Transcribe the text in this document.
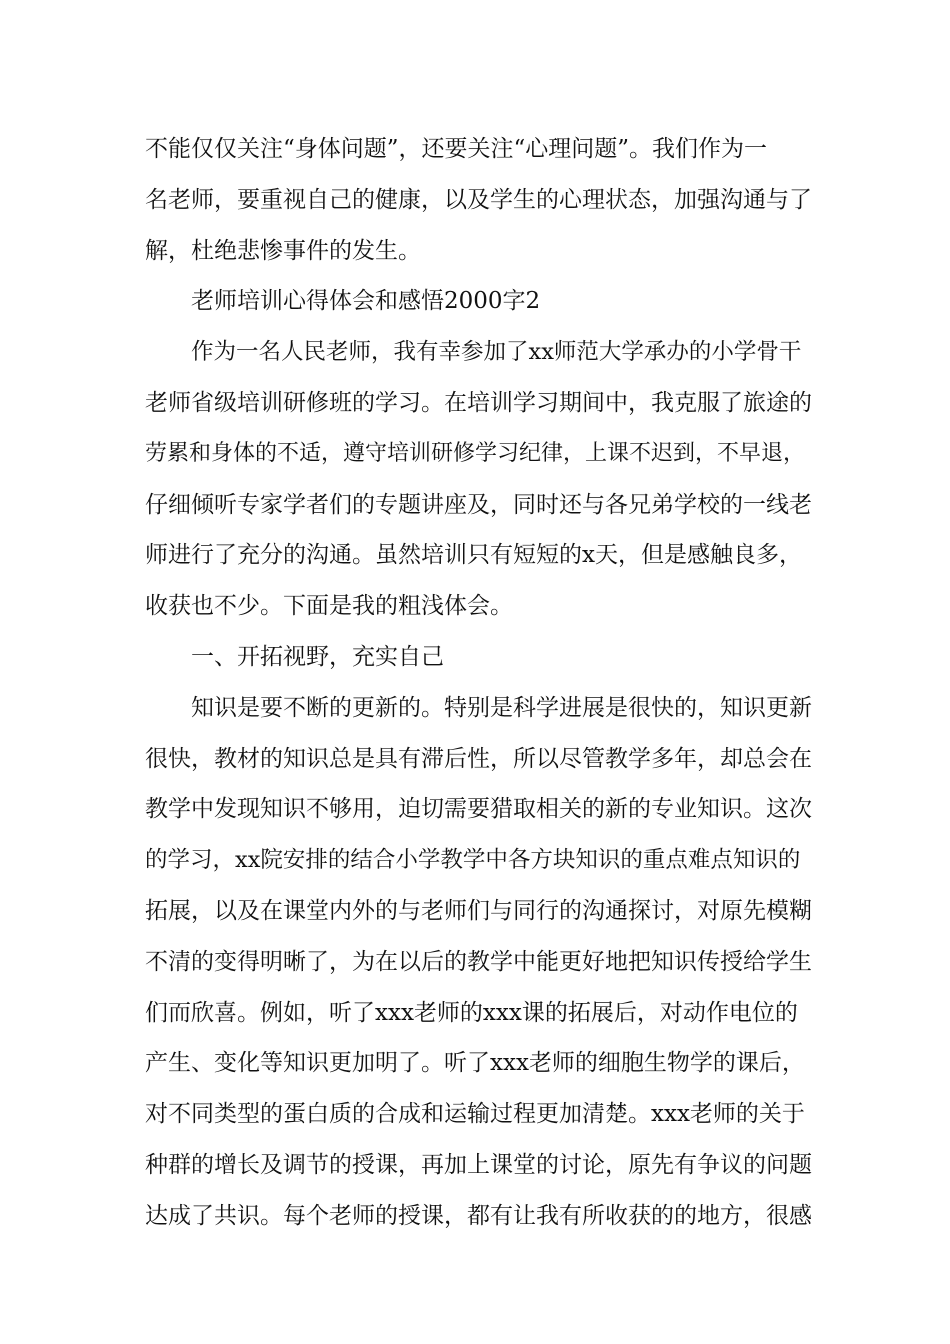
不能仅仅关注“身体问题”，还要关注“心理问题”。我们作为一
名老师，要重视自己的健康，以及学生的心理状态，加强沟通与了
解，杜绝悲惨事件的发生。
老师培训心得体会和感悟2000字2
作为一名人民老师，我有幸参加了xx师范大学承办的小学骨干
老师省级培训研修班的学习。在培训学习期间中，我克服了旅途的
劳累和身体的不适，遵守培训研修学习纪律，上课不迟到，不早退，
仔细倾听专家学者们的专题讲座及，同时还与各兄弟学校的一线老
师进行了充分的沟通。虽然培训只有短短的x天，但是感触良多，
收获也不少。下面是我的粗浅体会。
一、开拓视野，充实自己
知识是要不断的更新的。特别是科学进展是很快的，知识更新
很快，教材的知识总是具有滞后性，所以尽管教学多年，却总会在
教学中发现知识不够用，迫切需要猎取相关的新的专业知识。这次
的学习，xx院安排的结合小学教学中各方块知识的重点难点知识的
拓展，以及在课堂内外的与老师们与同行的沟通探讨，对原先模糊
不清的变得明晰了，为在以后的教学中能更好地把知识传授给学生
们而欣喜。例如，听了xxx老师的xxx课的拓展后，对动作电位的
产生、变化等知识更加明了。听了xxx老师的细胞生物学的课后，
对不同类型的蛋白质的合成和运输过程更加清楚。xxx老师的关于
种群的增长及调节的授课，再加上课堂的讨论，原先有争议的问题
达成了共识。每个老师的授课，都有让我有所收获的的地方，很感
